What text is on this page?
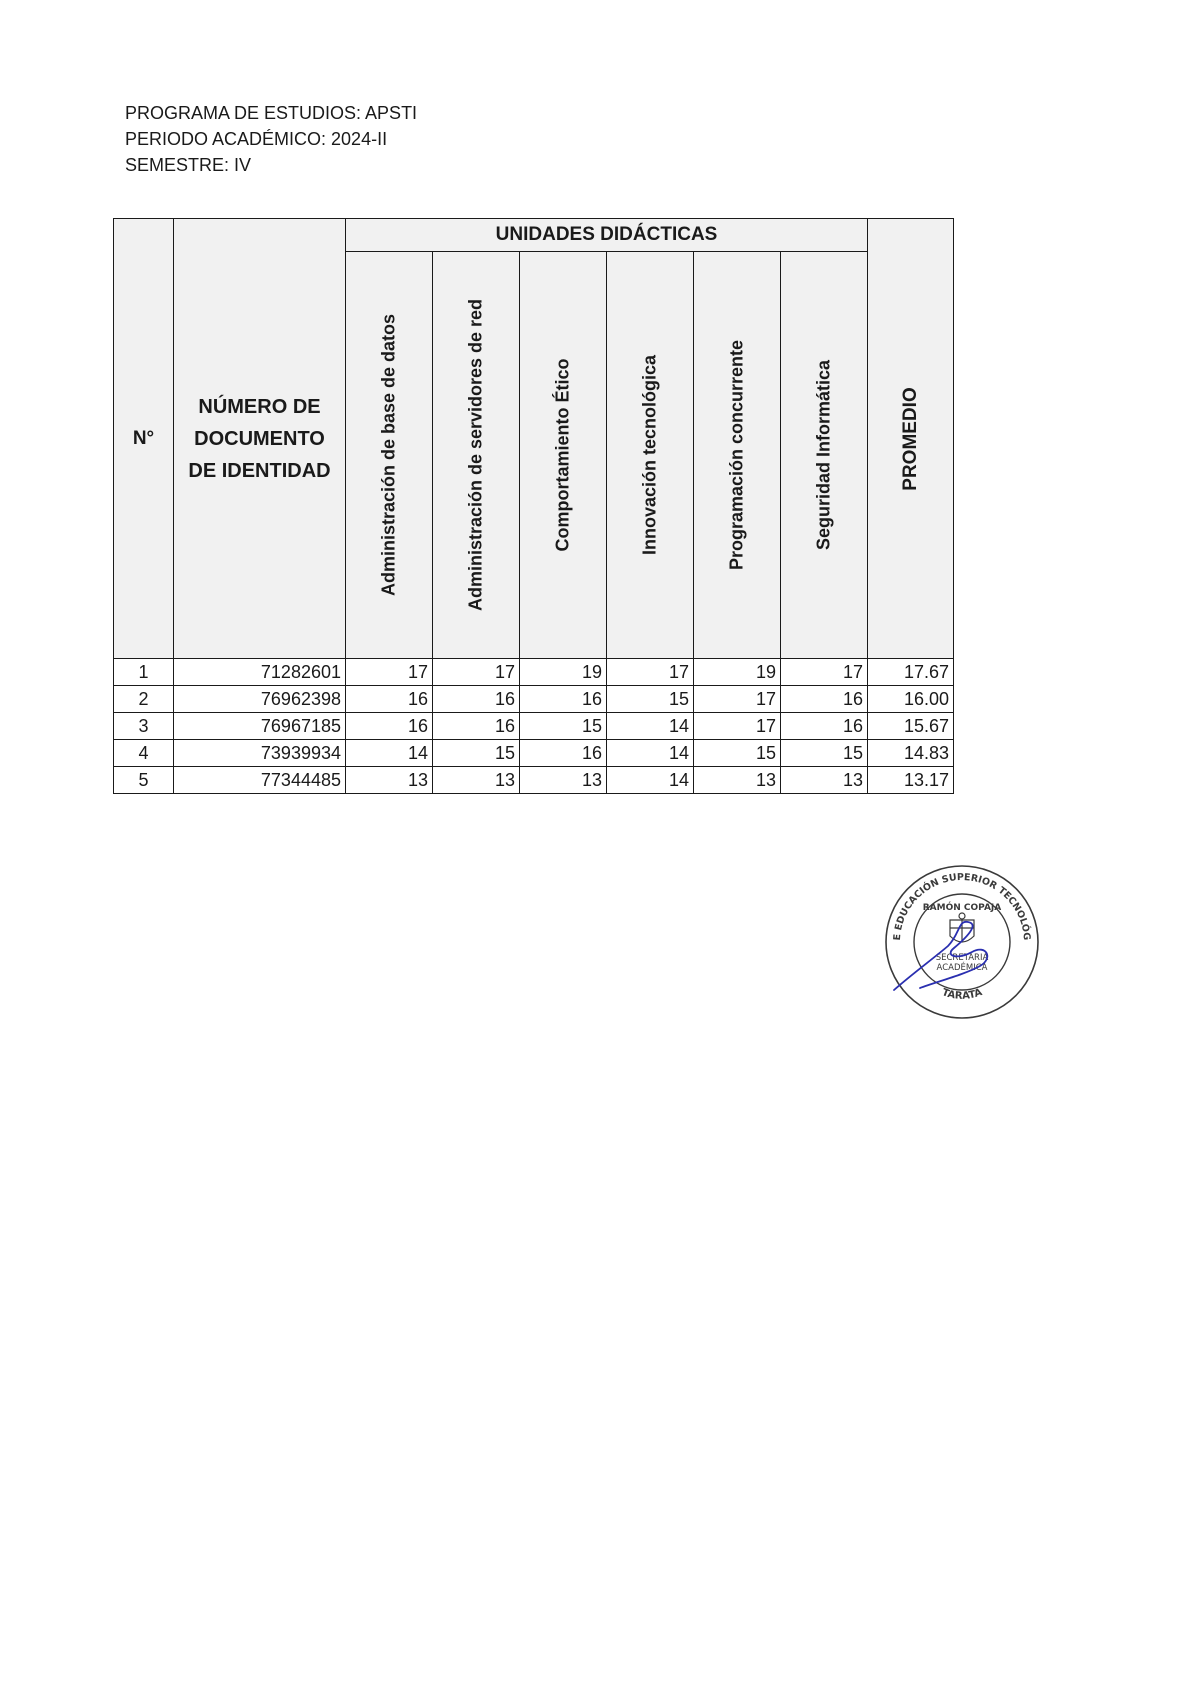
PROGRAMA DE ESTUDIOS: APSTI
PERIODO ACADÉMICO: 2024-II
SEMESTRE: IV
N°	NÚMERO DE
DOCUMENTO
DE IDENTIDAD	UNIDADES DIDÁCTICAS						PROMEDIO

		Administración de base de datos	Administración de servidores de red	Comportamiento Ético	Innovación tecnológica	Programación concurrente	Seguridad Informática	

1	71282601	17	17	19	17	19	17	17.67
2	76962398	16	16	16	15	17	16	16.00
3	76967185	16	16	15	14	17	16	15.67
4	73939934	14	15	16	14	15	15	14.83
5	77344485	13	13	13	14	13	13	13.17
E EDUCACIÓN SUPERIOR TECNOLÓG
TARATA
RAMÓN COPAJA
SECRETARIA
ACADÉMICA
